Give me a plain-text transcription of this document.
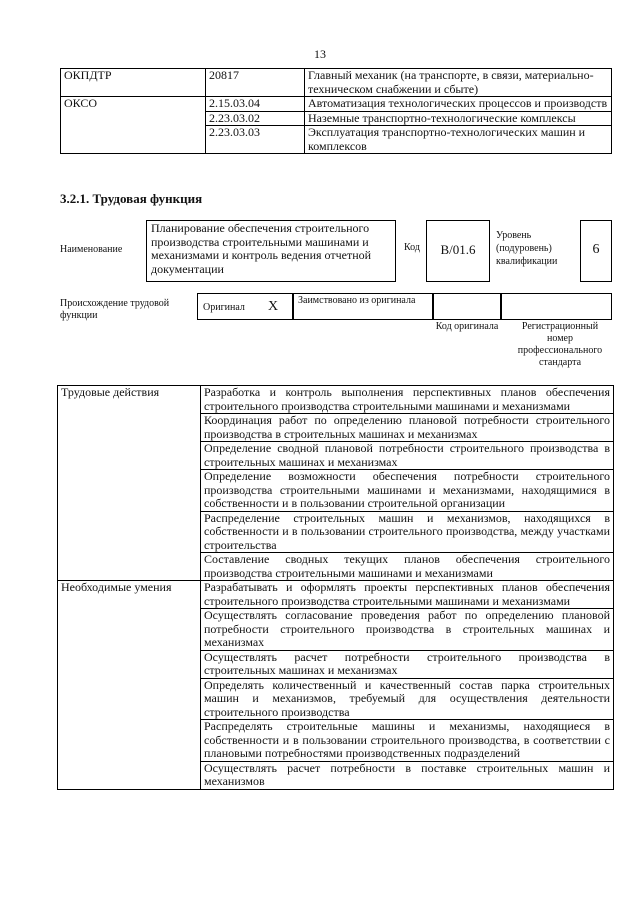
13
ОКПДТР	20817	Главный механик (на транспорте, в связи, материально-техническом снабжении и сбыте)
ОКСО	2.15.03.04	Автоматизация технологических процессов и производств
	2.23.03.02	Наземные транспортно-технологические комплексы
	2.23.03.03	Эксплуатация транспортно-технологических машин и комплексов
3.2.1. Трудовая функция
Наименование
Планирование обеспечения строительного производства строительными машинами и механизмами и контроль ведения отчетной документации
Код	В/01.6
Уровень (подуровень) квалификации
6
Происхождение трудовой функции
Оригинал X Заимствовано из оригинала
Код оригинала	Регистрационный номер профессионального стандарта
Трудовые действия	Разработка и контроль выполнения перспективных планов обеспечения строительного производства строительными машинами и механизмами
	Координация работ по определению плановой потребности строительного производства в строительных машинах и механизмах
	Определение сводной плановой потребности строительного производства в строительных машинах и механизмах
	Определение возможности обеспечения потребности строительного производства строительными машинами и механизмами, находящимися в собственности и в пользовании строительной организации
	Распределение строительных машин и механизмов, находящихся в собственности и в пользовании строительного производства, между участками строительства
	Составление сводных текущих планов обеспечения строительного производства строительными машинами и механизмами
Необходимые умения	Разрабатывать и оформлять проекты перспективных планов обеспечения строительного производства строительными машинами и механизмами
	Осуществлять согласование проведения работ по определению плановой потребности строительного производства в строительных машинах и механизмах
	Осуществлять расчет потребности строительного производства в строительных машинах и механизмах
	Определять количественный и качественный состав парка строительных машин и механизмов, требуемый для осуществления деятельности строительного производства
	Распределять строительные машины и механизмы, находящиеся в собственности и в пользовании строительного производства, в соответствии с плановыми потребностями производственных подразделений
	Осуществлять расчет потребности в поставке строительных машин и механизмов
